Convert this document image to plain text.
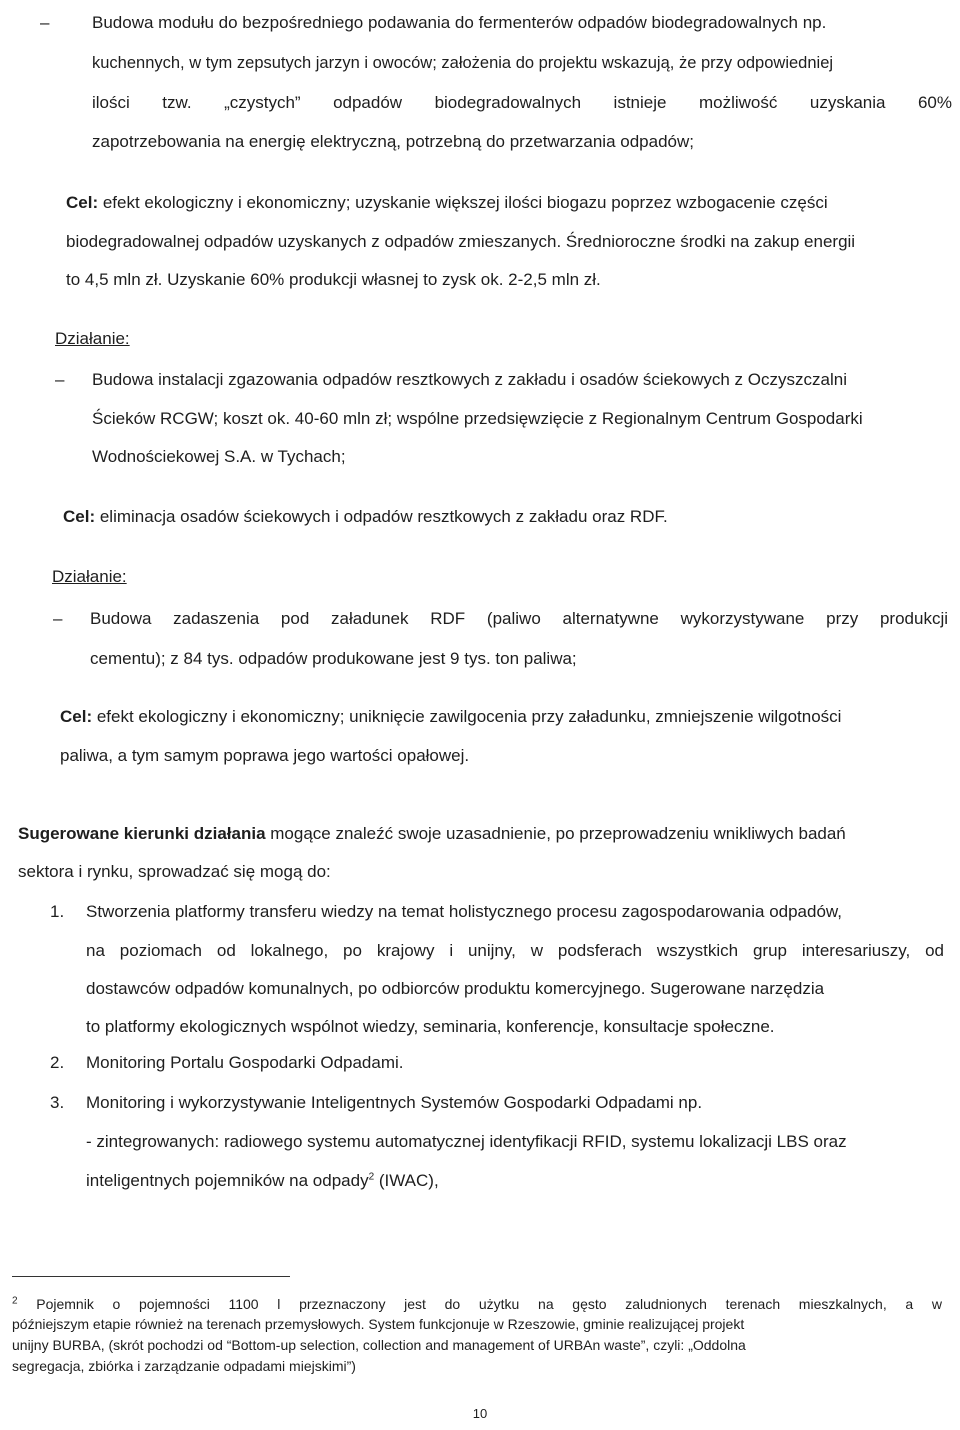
–	Budowa modułu do bezpośredniego podawania do fermenterów odpadów biodegradowalnych np.
kuchennych, w tym zepsutych jarzyn i owoców; założenia do projektu wskazują, że przy odpowiedniej
ilości tzw. „czystych” odpadów biodegradowalnych istnieje możliwość uzyskania 60%
zapotrzebowania na energię elektryczną, potrzebną do przetwarzania odpadów;
Cel: efekt ekologiczny i ekonomiczny; uzyskanie większej ilości biogazu poprzez wzbogacenie części
biodegradowalnej odpadów uzyskanych z odpadów zmieszanych. Średnioroczne środki na zakup energii
to 4,5 mln zł. Uzyskanie 60% produkcji własnej to zysk ok. 2-2,5 mln zł.
Działanie:
– Budowa instalacji zgazowania odpadów resztkowych z zakładu i osadów ściekowych z Oczyszczalni
Ścieków RCGW; koszt ok. 40-60 mln zł; wspólne przedsięwzięcie z Regionalnym Centrum Gospodarki
Wodnościekowej S.A. w Tychach;
Cel: eliminacja osadów ściekowych i odpadów resztkowych z zakładu oraz RDF.
Działanie:
– Budowa zadaszenia pod załadunek RDF (paliwo alternatywne wykorzystywane przy produkcji
cementu); z 84 tys. odpadów produkowane jest 9 tys. ton paliwa;
Cel: efekt ekologiczny i ekonomiczny; uniknięcie zawilgocenia przy załadunku, zmniejszenie wilgotności
paliwa, a tym samym poprawa jego wartości opałowej.
Sugerowane kierunki działania mogące znaleźć swoje uzasadnienie, po przeprowadzeniu wnikliwych badań
sektora i rynku, sprowadzać się mogą do:
1. Stworzenia platformy transferu wiedzy na temat holistycznego procesu zagospodarowania odpadów,
na poziomach od lokalnego, po krajowy i unijny, w podsferach wszystkich grup interesariuszy, od
dostawców odpadów komunalnych, po odbiorców produktu komercyjnego. Sugerowane narzędzia
to platformy ekologicznych wspólnot wiedzy, seminaria, konferencje, konsultacje społeczne.
2. Monitoring Portalu Gospodarki Odpadami.
3. Monitoring i wykorzystywanie Inteligentnych Systemów Gospodarki Odpadami np.
- zintegrowanych: radiowego systemu automatycznej identyfikacji RFID, systemu lokalizacji LBS oraz
inteligentnych pojemników na odpady$^2$ (IWAC),
$^2$ Pojemnik o pojemności 1100 l przeznaczony jest do użytku na gęsto zaludnionych terenach mieszkalnych, a w
późniejszym etapie również na terenach przemysłowych. System funkcjonuje w Rzeszowie, gminie realizującej projekt
unijny BURBA, (skrót pochodzi od “Bottom-up selection, collection and management of URBAn waste”, czyli: „Oddolna
segregacja, zbiórka i zarządzanie odpadami miejskimi”)
10
